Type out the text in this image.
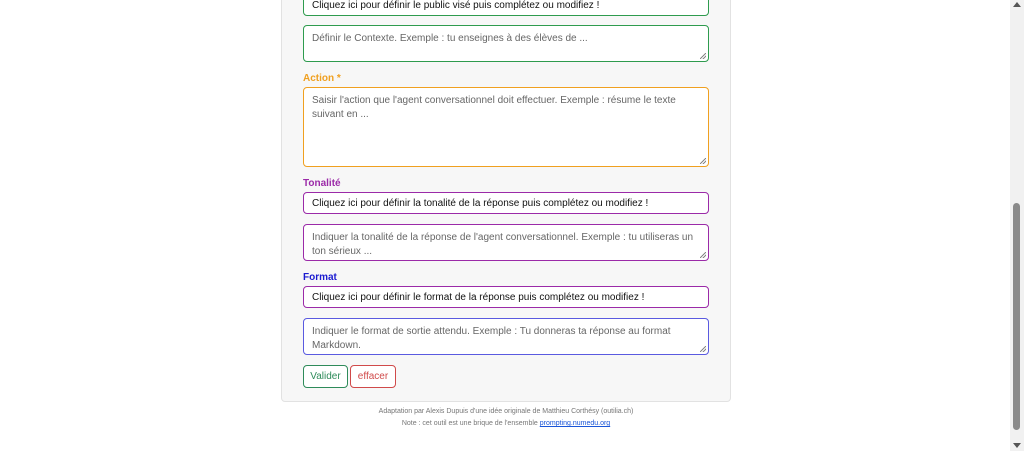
Cliquez ici pour définir le public visé puis complétez ou modifiez !
Définir le Contexte. Exemple : tu enseignes à des élèves de ...
Action *
Saisir l'action que l'agent conversationnel doit effectuer. Exemple : résume le texte suivant en ...
Tonalité
Cliquez ici pour définir la tonalité de la réponse puis complétez ou modifiez !
Indiquer la tonalité de la réponse de l'agent conversationnel. Exemple : tu utiliseras un ton sérieux ...
Format
Cliquez ici pour définir le format de la réponse puis complétez ou modifiez !
Indiquer le format de sortie attendu. Exemple : Tu donneras ta réponse au format Markdown.
Valider	effacer
Adaptation par Alexis Dupuis d'une idée originale de Matthieu Corthésy (outilia.ch)
Note : cet outil est une brique de l'ensemble prompting.numedu.org
